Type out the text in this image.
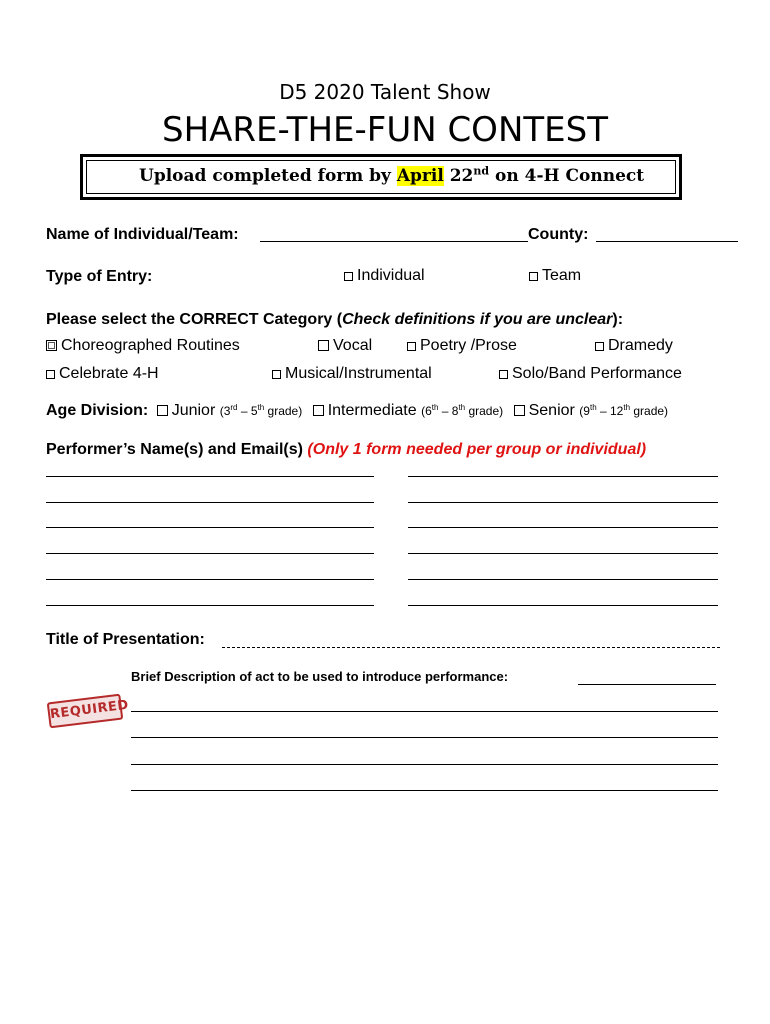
D5 2020 Talent Show
SHARE-THE-FUN CONTEST
Upload completed form by April 22nd on 4-H Connect
Name of Individual/Team:	County:
Type of Entry:	Individual	Team
Please select the CORRECT Category (Check definitions if you are unclear):
Choreographed Routines	Vocal	Poetry /Prose	Dramedy
Celebrate 4-H	Musical/Instrumental	Solo/Band Performance
Age Division: Junior (3rd – 5th grade) Intermediate (6th – 8th grade) Senior (9th – 12th grade)
Performer’s Name(s) and Email(s) (Only 1 form needed per group or individual)
Title of Presentation:
Brief Description of act to be used to introduce performance:
REQUIRED
